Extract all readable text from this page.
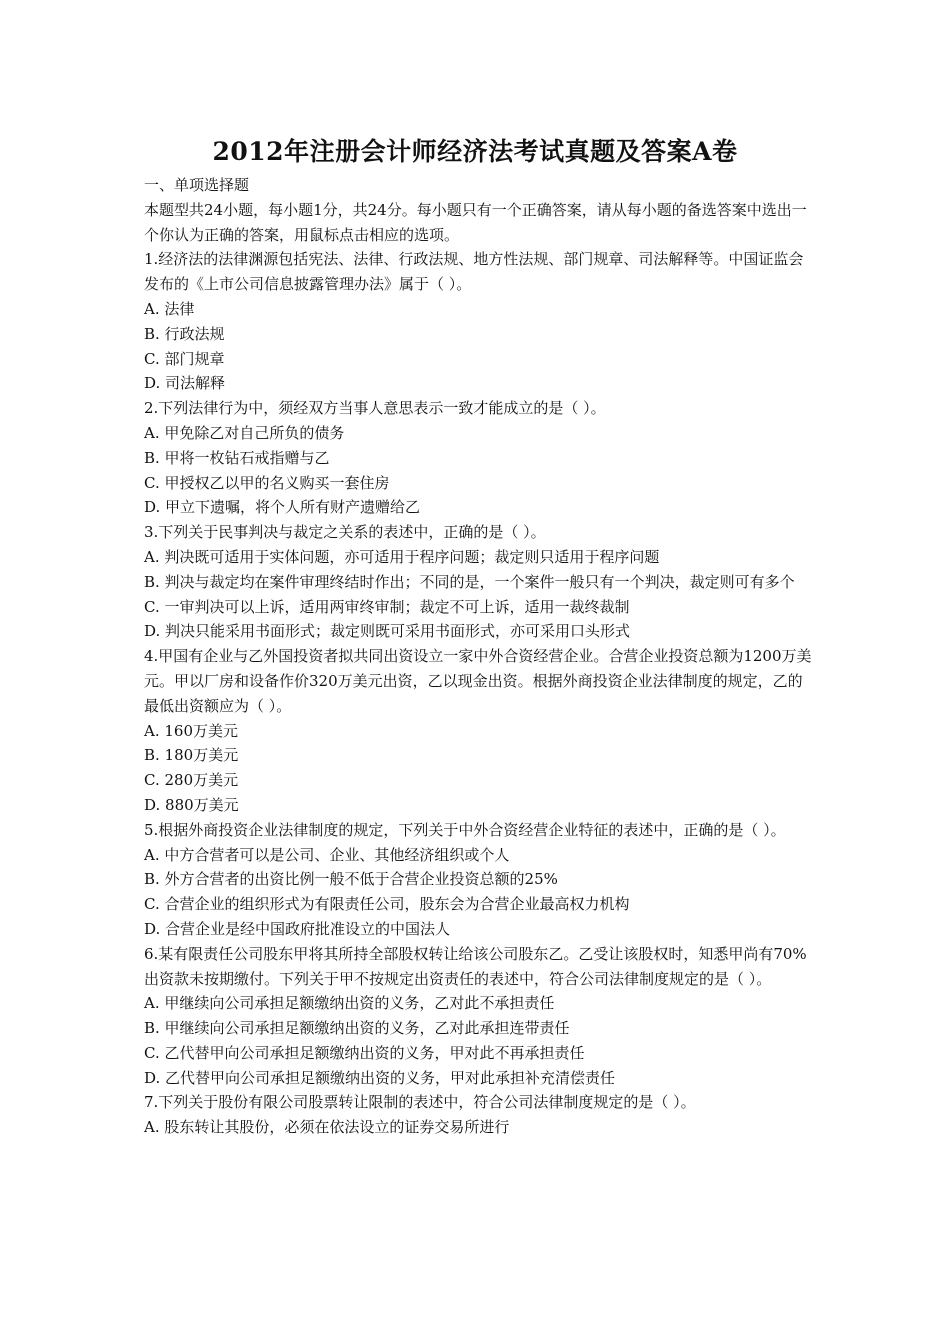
2012年注册会计师经济法考试真题及答案A卷

一、单项选择题

本题型共24小题，每小题1分，共24分。每小题只有一个正确答案，请从每小题的备选答案中选出一个你认为正确的答案，用鼠标点击相应的选项。

1.经济法的法律渊源包括宪法、法律、行政法规、地方性法规、部门规章、司法解释等。中国证监会发布的《上市公司信息披露管理办法》属于（ ）。

A. 法律

B. 行政法规

C. 部门规章

D. 司法解释

2.下列法律行为中，须经双方当事人意思表示一致才能成立的是（ ）。

A. 甲免除乙对自己所负的债务

B. 甲将一枚钻石戒指赠与乙

C. 甲授权乙以甲的名义购买一套住房

D. 甲立下遗嘱，将个人所有财产遗赠给乙

3.下列关于民事判决与裁定之关系的表述中，正确的是（ ）。

A. 判决既可适用于实体问题，亦可适用于程序问题；裁定则只适用于程序问题

B. 判决与裁定均在案件审理终结时作出；不同的是，一个案件一般只有一个判决，裁定则可有多个

C. 一审判决可以上诉，适用两审终审制；裁定不可上诉，适用一裁终裁制

D. 判决只能采用书面形式；裁定则既可采用书面形式，亦可采用口头形式

4.甲国有企业与乙外国投资者拟共同出资设立一家中外合资经营企业。合营企业投资总额为1200万美元。甲以厂房和设备作价320万美元出资，乙以现金出资。根据外商投资企业法律制度的规定，乙的最低出资额应为（ ）。

A. 160万美元

B. 180万美元

C. 280万美元

D. 880万美元

5.根据外商投资企业法律制度的规定，下列关于中外合资经营企业特征的表述中，正确的是（ ）。

A. 中方合营者可以是公司、企业、其他经济组织或个人

B. 外方合营者的出资比例一般不低于合营企业投资总额的25%

C. 合营企业的组织形式为有限责任公司，股东会为合营企业最高权力机构

D. 合营企业是经中国政府批准设立的中国法人

6.某有限责任公司股东甲将其所持全部股权转让给该公司股东乙。乙受让该股权时，知悉甲尚有70%出资款未按期缴付。下列关于甲不按规定出资责任的表述中，符合公司法律制度规定的是（ ）。

A. 甲继续向公司承担足额缴纳出资的义务，乙对此不承担责任

B. 甲继续向公司承担足额缴纳出资的义务，乙对此承担连带责任

C. 乙代替甲向公司承担足额缴纳出资的义务，甲对此不再承担责任

D. 乙代替甲向公司承担足额缴纳出资的义务，甲对此承担补充清偿责任

7.下列关于股份有限公司股票转让限制的表述中，符合公司法律制度规定的是（ ）。

A. 股东转让其股份，必须在依法设立的证券交易所进行
